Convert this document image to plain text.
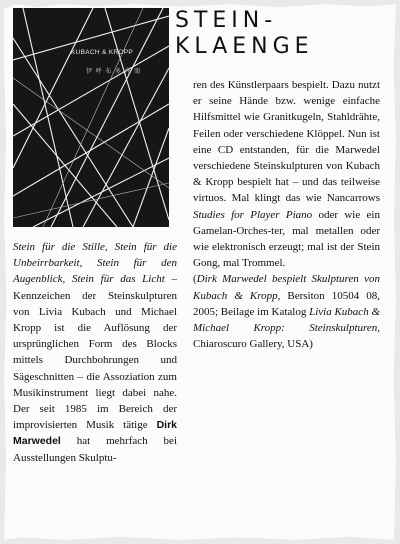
KUBACH & KROPP
伊 呼 布 多 洋 眼
STEIN-
KLAENGE

Stein für die Stille, Stein für die Unbeirrbarkeit, Stein für den Augenblick, Stein für das Licht – Kennzeichen der Steinskulpturen von Livia Kubach und Michael Kropp ist die Auflösung der ursprünglichen Form des Blocks mittels Durchbohrungen und Sägeschnitten – die Assoziation zum Musikinstrument liegt dabei nahe. Der seit 1985 im Bereich der improvisierten Musik tätige Dirk Marwedel hat mehrfach bei Ausstellungen Skulptu-

ren des Künstlerpaars bespielt. Dazu nutzt er seine Hände bzw. wenige einfache Hilfsmittel wie Granitkugeln, Stahldrähte, Feilen oder verschiedene Klöppel. Nun ist eine CD entstanden, für die Marwedel verschiedene Steinskulpturen von Kubach & Kropp bespielt hat – und das teilweise virtuos. Mal klingt das wie Nancarrows Studies for Player Piano oder wie ein Gamelan-Orches-ter, mal metallen oder wie elektronisch erzeugt; mal ist der Stein Gong, mal Trommel.

(Dirk Marwedel bespielt Skulpturen von Kubach & Kropp, Bersiton 10504 08, 2005; Beilage im Katalog Livia Kubach & Michael Kropp: Steinskulpturen, Chiaroscuro Gallery, USA)
